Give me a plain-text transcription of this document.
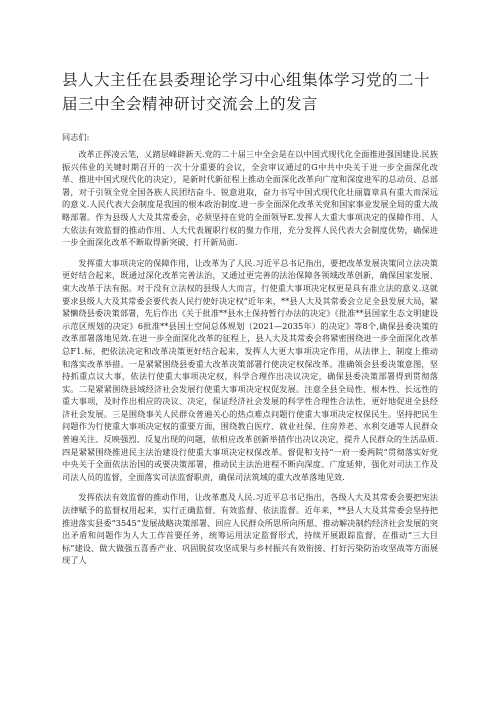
县人大主任在县委理论学习中心组集体学习党的二十届三中全会精神研讨交流会上的发言

同志们:

改革正挥凌云笔，乂踏层峰辟新天.党的二十届三中全会是在以中国式现代化全面推进强国建设.民族振兴伟业的关键时期召开的一次十分重要的会议，全会审议通过的G中共中央关于进一步全面深化改革、推进中国式现代化的决定），是新时代新征程上推动全面深化改革向广度和深度进军的总动员、总部署，对于引领全党全国各族人民团结奋斗、锐意进取，奋力书写中国式现代化壮丽篇章具有重大而深远的意义.人民代表大会制度是我国的根本政治制度.进一步全面深化改革关党和国家事业发展全局的重大战略部署。作为县级人大及其常委会，必须坚持在党的全面领导E.发挥人大重大事项决定的保障作用、人大依法有效监督的推动作用、人大代表履职行权的聚力作用，充分发挥人民代表大会制度优势，确保进一步全面深化改革不断取得新突破、打开新局面.

发挥重大事项决定的保障作用，让改革为了人民.习近平总书记指出，要把改革发展决策同立法决策更好结合起来，既通过深化改革完善法治，又通过更完善的法治保障各领域改革创新，确保国家发展、束大改革于法有据。对于没有立法权的县级人大而言，行使重大事项决定权更是具有准立法的意义.这就要求县级人大及其常委会要代表人民行使好决定权”近年来，**县人大及其常委会立足全县发展大局，紧紧懒绕县委决策部署，先后作出《关于批准**县水土保持暂行办法的决定》《批准**县国家生态文明建设示范区规划的决定》6批准**县国土空间总体规划（2021—2035年）的决定》等8个,确保县委决策的改革部署落地见效.在进一步全面深化改革的征程上，县人大及其常委会将紧密围绕进一步全面深化改革总F1.标，把依法决定和改革决策更好结合起来，发挥人大更大事项决定作用，从法律上、制度上推动和落实改革举措。一是紧紧围绕县委重大改革决策部署行使决定权保改革。准确领会县委决策意图，坚持抓重点议大事，依法行使重大事项决定权，科学合理作出决议决定，确保县委决策部署得到贯彻落实。二是紧紧围绕县域经济社会发展行使重大事项决定权促发展。注意全县全局性、根本性、长远性的重大事项，及时作出相应的决议、决定，保证经济社会发展的科学性合理性合法性，更好地促进全县经济社会发展。三是围绕事关人民群众普遍关心的热点难点问题行使重大事项决定权保民生。坚持把民生问题作为行使重大事项决定权的重要方面，围绕教白医疗、就业社保、住房养老、水利交通等人民群众普遍关注、反映强烈、反复出现的问题，依相应改革创新举措作出决议决定，提升人民群众的生活品质.四是紧紧围绕推进民主法治建设行使重大事项决定权保改革。督促和支持“一府一委两院”贯彻落实好党中央关于全面依法治国的或要决策部署，推动民主法治进程不断向深度、广度延伸，强化对司法工作及司法人员的监督，全面落实司法监督职责，确保司法筑域的重大改革落地见效.

发挥依法有效监督的推动作用，让改革惠及人民.习近平总书记指出，各级人大及其常委会要把宪法法律赋予的监督权用起来，实行正确监督、有效监督、依法监督。近年来，**县人大及其常委会坚持把推进落实县委“3545”发展战略决策部署、回应人民群众所思所向所愿、推动解决制约经济社会发展的突出矛盾和问题作为人大工作首要任务，统筹运用法定监督形式，持续开展跟踪监督，在推动“三大目标”建设、做大做强五喜香产业、巩固脱贫攻坚成果与乡村振兴有效衔接、打好污染防治攻坚战等方面展现了人
